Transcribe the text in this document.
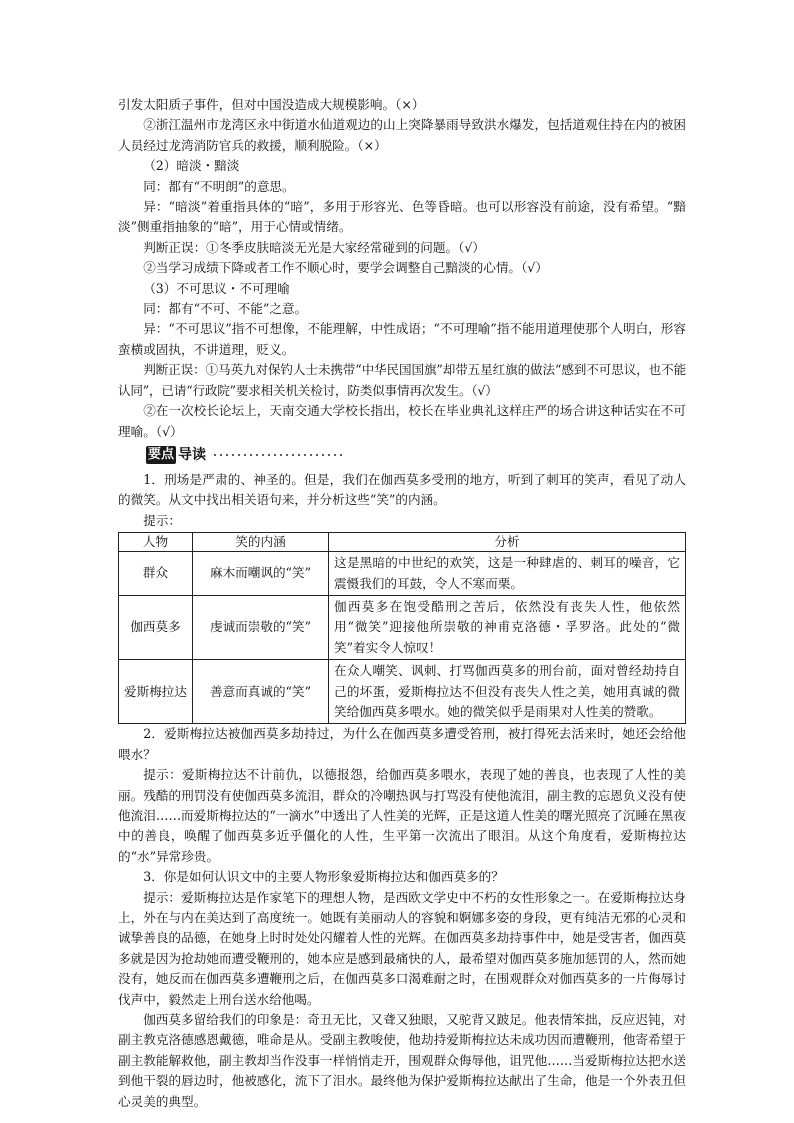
引发太阳质子事件，但对中国没造成大规模影响。（×）

②浙江温州市龙湾区永中街道水仙道观边的山上突降暴雨导致洪水爆发，包括道观住持在内的被困人员经过龙湾消防官兵的救援，顺利脱险。（×）

（2）暗淡・黯淡

同：都有“不明朗”的意思。

异：“暗淡”着重指具体的“暗”，多用于形容光、色等昏暗。也可以形容没有前途，没有希望。“黯淡”侧重指抽象的“暗”，用于心情或情绪。

判断正误：①冬季皮肤暗淡无光是大家经常碰到的问题。（√）

②当学习成绩下降或者工作不顺心时，要学会调整自己黯淡的心情。（√）

（3）不可思议・不可理喻

同：都有“不可、不能”之意。

异：“不可思议”指不可想像，不能理解，中性成语；“不可理喻”指不能用道理使那个人明白，形容蛮横或固执，不讲道理，贬义。

判断正误：①马英九对保钓人士未携带“中华民国国旗”却带五星红旗的做法“感到不可思议，也不能认同”，已请“行政院”要求相关机关检讨，防类似事情再次发生。（√）

②在一次校长论坛上，天南交通大学校长指出，校长在毕业典礼这样庄严的场合讲这种话实在不可理喻。（√）

要点 导读

1．刑场是严肃的、神圣的。但是，我们在伽西莫多受刑的地方，听到了刺耳的笑声，看见了动人的微笑。从文中找出相关语句来，并分析这些“笑”的内涵。

提示：

人物	笑的内涵	分析
群众	麻木而嘲讽的“笑”	这是黑暗的中世纪的欢笑，这是一种肆虐的、刺耳的噪音，它震慑我们的耳鼓，令人不寒而栗。
伽西莫多	虔诚而崇敬的“笑”	伽西莫多在饱受酷刑之苦后，依然没有丧失人性，他依然用“微笑”迎接他所崇敬的神甫克洛德・孚罗洛。此处的“微笑”着实令人惊叹！
爱斯梅拉达	善意而真诚的“笑”	在众人嘲笑、讽刺、打骂伽西莫多的刑台前，面对曾经劫持自己的坏蛋，爱斯梅拉达不但没有丧失人性之美，她用真诚的微笑给伽西莫多喂水。她的微笑似乎是雨果对人性美的赞歌。

2．爱斯梅拉达被伽西莫多劫持过，为什么在伽西莫多遭受笞刑，被打得死去活来时，她还会给他喂水？

提示：爱斯梅拉达不计前仇，以德报怨，给伽西莫多喂水，表现了她的善良，也表现了人性的美丽。残酷的刑罚没有使伽西莫多流泪，群众的冷嘲热讽与打骂没有使他流泪，副主教的忘恩负义没有使他流泪……而爱斯梅拉达的“一滴水”中透出了人性美的光辉，正是这道人性美的曙光照亮了沉睡在黑夜中的善良，唤醒了伽西莫多近乎僵化的人性，生平第一次流出了眼泪。从这个角度看，爱斯梅拉达的“水”异常珍贵。

3．你是如何认识文中的主要人物形象爱斯梅拉达和伽西莫多的？

提示：爱斯梅拉达是作家笔下的理想人物，是西欧文学史中不朽的女性形象之一。在爱斯梅拉达身上，外在与内在美达到了高度统一。她既有美丽动人的容貌和婀娜多姿的身段，更有纯洁无邪的心灵和诚挚善良的品德，在她身上时时处处闪耀着人性的光辉。在伽西莫多劫持事件中，她是受害者，伽西莫多就是因为抢劫她而遭受鞭刑的，她本应是感到最痛快的人，最希望对伽西莫多施加惩罚的人，然而她没有，她反而在伽西莫多遭鞭刑之后，在伽西莫多口渴难耐之时，在围观群众对伽西莫多的一片侮辱讨伐声中，毅然走上刑台送水给他喝。

伽西莫多留给我们的印象是：奇丑无比，又聋又独眼，又驼背又跛足。他表情笨拙，反应迟钝，对副主教克洛德感恩戴德，唯命是从。受副主教唆使，他劫持爱斯梅拉达未成功因而遭鞭刑，他寄希望于副主教能解救他，副主教却当作没事一样悄悄走开，围观群众侮辱他，诅咒他……当爱斯梅拉达把水送到他干裂的唇边时，他被感化，流下了泪水。最终他为保护爱斯梅拉达献出了生命，他是一个外表丑但心灵美的典型。
